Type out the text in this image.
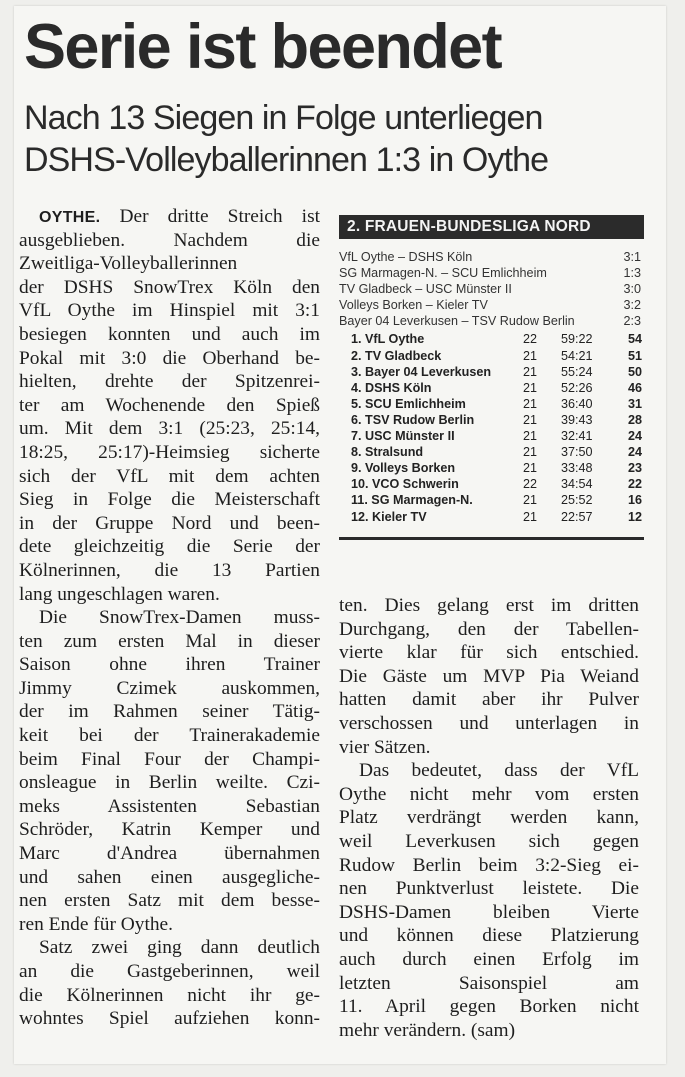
Serie ist beendet
Nach 13 Siegen in Folge unterliegen
DSHS-Volleyballerinnen 1:3 in Oythe
OYTHE. Der dritte Streich ist
ausgeblieben. Nachdem die
Zweitliga-Volleyballerinnen
der DSHS SnowTrex Köln den
VfL Oythe im Hinspiel mit 3:1
besiegen konnten und auch im
Pokal mit 3:0 die Oberhand be-
hielten, drehte der Spitzenrei-
ter am Wochenende den Spieß
um. Mit dem 3:1 (25:23, 25:14,
18:25, 25:17)-Heimsieg sicherte
sich der VfL mit dem achten
Sieg in Folge die Meisterschaft
in der Gruppe Nord und been-
dete gleichzeitig die Serie der
Kölnerinnen, die 13 Partien
lang ungeschlagen waren.
Die SnowTrex-Damen muss-
ten zum ersten Mal in dieser
Saison ohne ihren Trainer
Jimmy Czimek auskommen,
der im Rahmen seiner Tätig-
keit bei der Trainerakademie
beim Final Four der Champi-
onsleague in Berlin weilte. Czi-
meks Assistenten Sebastian
Schröder, Katrin Kemper und
Marc d'Andrea übernahmen
und sahen einen ausgegliche-
nen ersten Satz mit dem besse-
ren Ende für Oythe.
Satz zwei ging dann deutlich
an die Gastgeberinnen, weil
die Kölnerinnen nicht ihr ge-
wohntes Spiel aufziehen konn-
2. FRAUEN-BUNDESLIGA NORD
VfL Oythe – DSHS Köln	3:1
SG Marmagen-N. – SCU Emlichheim	1:3
TV Gladbeck – USC Münster II	3:0
Volleys Borken – Kieler TV	3:2
Bayer 04 Leverkusen – TSV Rudow Berlin	2:3
1. VfL Oythe	22 59:22	54
2. TV Gladbeck	21 54:21	51
3. Bayer 04 Leverkusen	21 55:24	50
4. DSHS Köln	21 52:26	46
5. SCU Emlichheim	21 36:40	31
6. TSV Rudow Berlin	21 39:43	28
7. USC Münster II	21 32:41	24
8. Stralsund	21 37:50	24
9. Volleys Borken	21 33:48	23
10. VCO Schwerin	22 34:54	22
11. SG Marmagen-N.	21 25:52	16
12. Kieler TV	21 22:57	12
ten. Dies gelang erst im dritten
Durchgang, den der Tabellen-
vierte klar für sich entschied.
Die Gäste um MVP Pia Weiand
hatten damit aber ihr Pulver
verschossen und unterlagen in
vier Sätzen.
Das bedeutet, dass der VfL
Oythe nicht mehr vom ersten
Platz verdrängt werden kann,
weil Leverkusen sich gegen
Rudow Berlin beim 3:2-Sieg ei-
nen Punktverlust leistete. Die
DSHS-Damen bleiben Vierte
und können diese Platzierung
auch durch einen Erfolg im
letzten Saisonspiel am
11. April gegen Borken nicht
mehr verändern. (sam)
